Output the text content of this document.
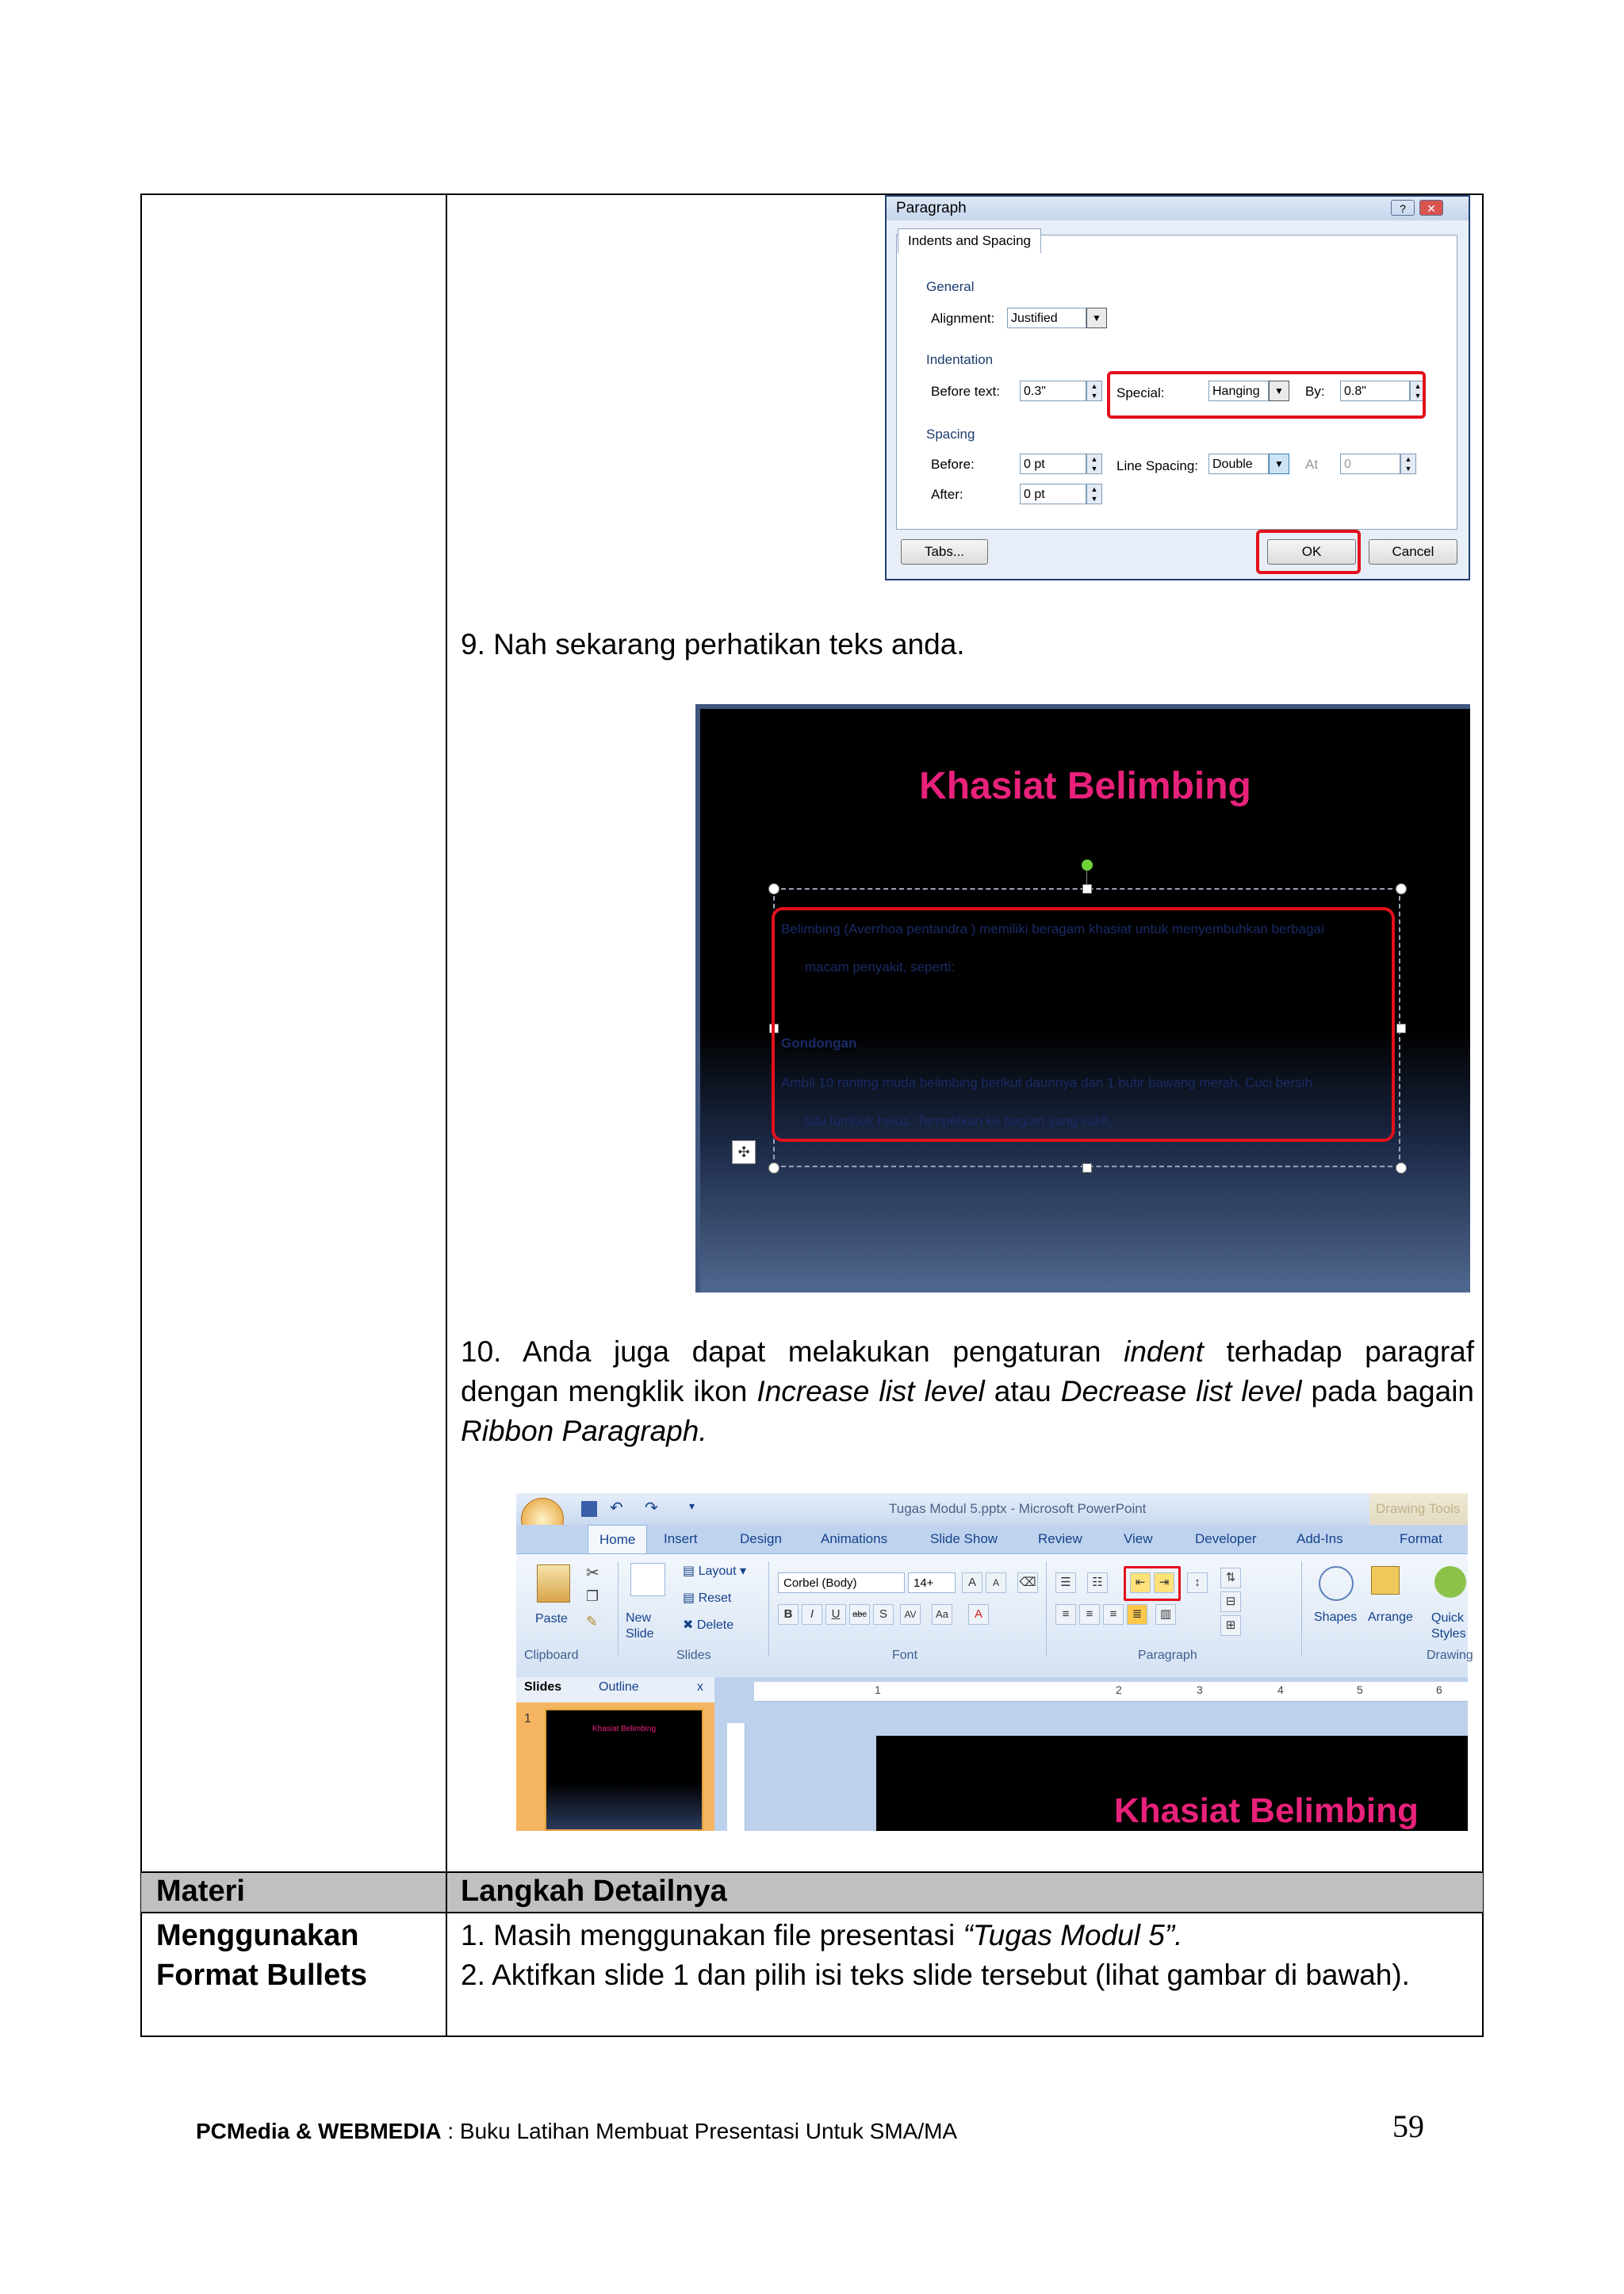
Paragraph	?	✕
Indents and Spacing
General
Alignment:	Justified	▼
Indentation
Before text:	0.3"	▲
▼	Special:	Hanging	▼	By:	0.8"	▲
▼
Spacing
Before:	0 pt	▲
▼
After:	0 pt	▲
▼
Line Spacing:	Double	▼	At	0	▲
▼
Tabs...	OK	Cancel
9. Nah sekarang perhatikan teks anda.
Khasiat Belimbing
Belimbing (Averrhoa pentandra ) memiliki beragam khasiat untuk menyembuhkan berbagai
macam penyakit, seperti:
Gondongan
Ambil 10 ranting muda belimbing berikut daunnya dan 1 butir bawang merah. Cuci bersih
lalu tumbuk halus. Tempelkan ke bagian yang sakit.
✣
10. Anda juga dapat melakukan pengaturan indent terhadap paragraf dengan mengklik ikon Increase list level atau Decrease list level pada bagain Ribbon Paragraph.
↶ ↷	▾	Tugas Modul 5.pptx - Microsoft PowerPoint
Home	Insert	Design	Animations	Slide Show	Review	View	Developer	Add-Ins	Format
Paste
✂
❐
✎
Clipboard
New Slide
▤ Layout ▾
▤ Reset
✖ Delete
Slides
Corbel (Body)	14+	A	A	⌫
B	I	U	abc	S	AV	Aa	A
Font
☰	☷	⇤	⇥	↕
≡	≡	≡	≣	▥
⇅
⊟
⊞
Paragraph
Shapes Arrange Quick Styles
Drawing
Slides	Outline	x
1
Khasiat Belimbing
1	2	3	4	5	6
Khasiat Belimbing
Materi	Langkah Detailnya
Menggunakan
Format Bullets
1. Masih menggunakan file presentasi “Tugas Modul 5”.
2. Aktifkan slide 1 dan pilih isi teks slide tersebut (lihat gambar di bawah).
PCMedia & WEBMEDIA : Buku Latihan Membuat Presentasi Untuk SMA/MA	59
